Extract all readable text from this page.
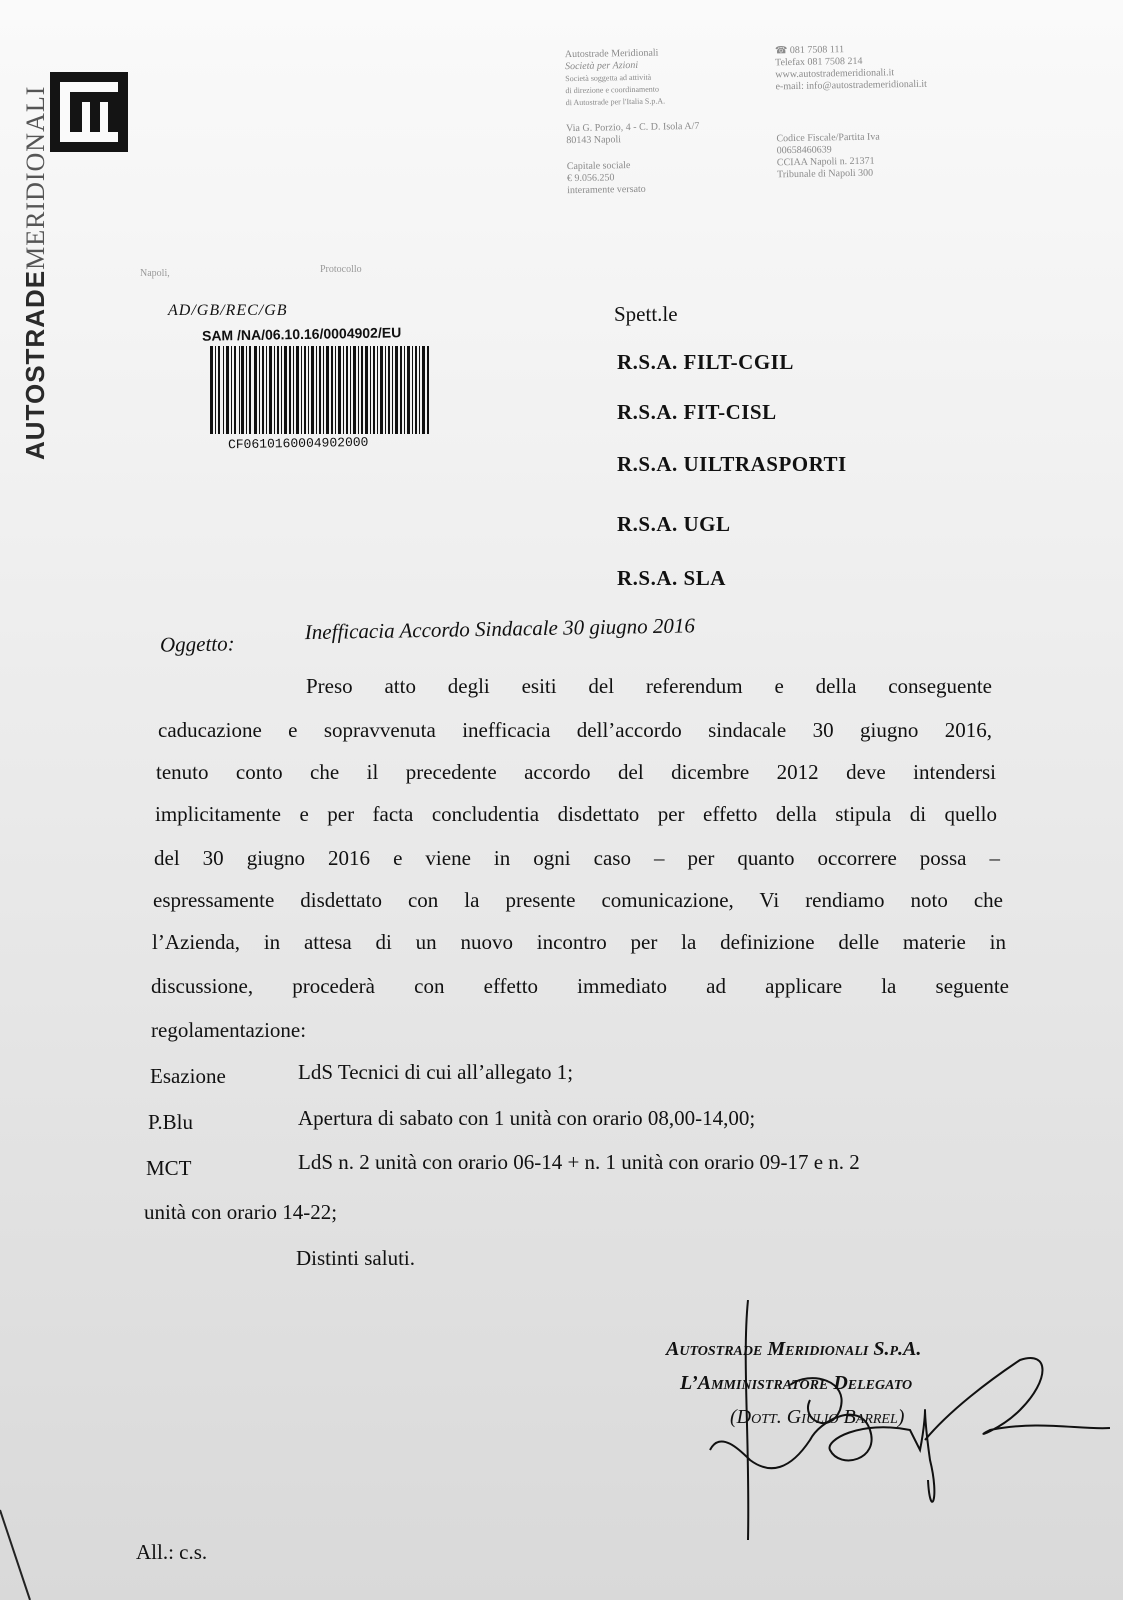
AUTOSTRADEMERIDIONALI
Autostrade Meridionali
Società per Azioni
Società soggetta ad attività
di direzione e coordinamento
di Autostrade per l'Italia S.p.A.
Via G. Porzio, 4 - C. D. Isola A/7
80143 Napoli
Capitale sociale
€ 9.056.250
interamente versato
☎ 081 7508 111
Telefax 081 7508 214
www.autostrademeridionali.it
e-mail: info@autostrademeridionali.it
Codice Fiscale/Partita Iva
00658460639
CCIAA Napoli n. 21371
Tribunale di Napoli 300
Napoli,	Protocollo
AD/GB/REC/GB
SAM /NA/06.10.16/0004902/EU
CF0610160004902000
Spett.le
R.S.A. FILT-CGIL
R.S.A. FIT-CISL
R.S.A. UILTRASPORTI
R.S.A. UGL
R.S.A. SLA
Oggetto:	Inefficacia Accordo Sindacale 30 giugno 2016
Preso atto degli esiti del referendum e della conseguente
caducazione e sopravvenuta inefficacia dell’accordo sindacale 30 giugno 2016,
tenuto conto che il precedente accordo del dicembre 2012 deve intendersi
implicitamente e per facta concludentia disdettato per effetto della stipula di quello
del 30 giugno 2016 e viene in ogni caso – per quanto occorrere possa –
espressamente disdettato con la presente comunicazione, Vi rendiamo noto che
l’Azienda, in attesa di un nuovo incontro per la definizione delle materie in
discussione, procederà con effetto immediato ad applicare la seguente
regolamentazione:
Esazione	LdS Tecnici di cui all’allegato 1;
P.Blu	Apertura di sabato con 1 unità con orario 08,00-14,00;
MCT	LdS n. 2 unità con orario 06-14 + n. 1 unità con orario 09-17 e n. 2
unità con orario 14-22;
Distinti saluti.
Autostrade Meridionali S.p.A.
L’Amministratore Delegato
(Dott. Giulio Barrel)
All.: c.s.
